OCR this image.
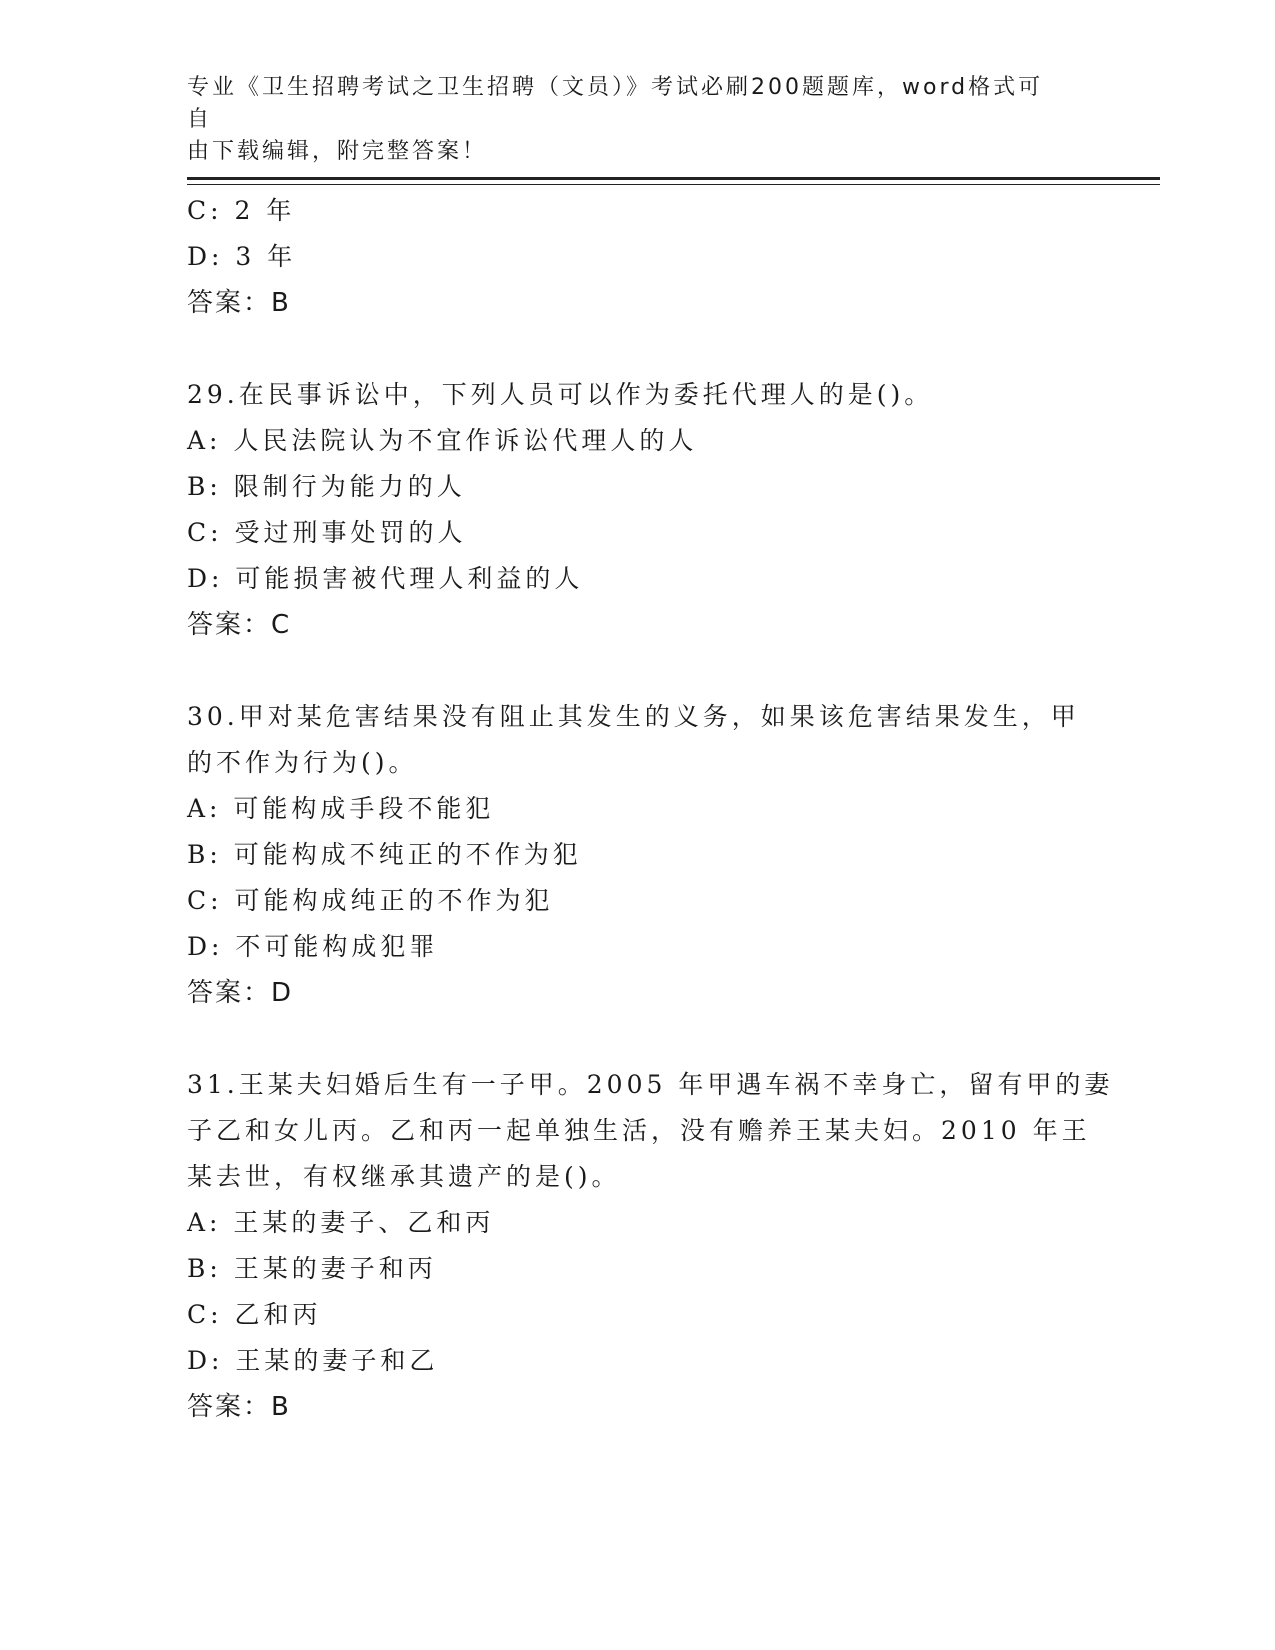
专业《卫生招聘考试之卫生招聘（文员）》考试必刷200题题库，word格式可自
由下载编辑，附完整答案！
C: 2 年
D: 3 年
答案：B
29.在民事诉讼中，下列人员可以作为委托代理人的是()。
A: 人民法院认为不宜作诉讼代理人的人
B: 限制行为能力的人
C: 受过刑事处罚的人
D: 可能损害被代理人利益的人
答案：C
30.甲对某危害结果没有阻止其发生的义务，如果该危害结果发生，甲
的不作为行为()。
A: 可能构成手段不能犯
B: 可能构成不纯正的不作为犯
C: 可能构成纯正的不作为犯
D: 不可能构成犯罪
答案：D
31.王某夫妇婚后生有一子甲。2005 年甲遇车祸不幸身亡，留有甲的妻
子乙和女儿丙。乙和丙一起单独生活，没有赡养王某夫妇。2010 年王
某去世，有权继承其遗产的是()。
A: 王某的妻子、乙和丙
B: 王某的妻子和丙
C: 乙和丙
D: 王某的妻子和乙
答案：B
